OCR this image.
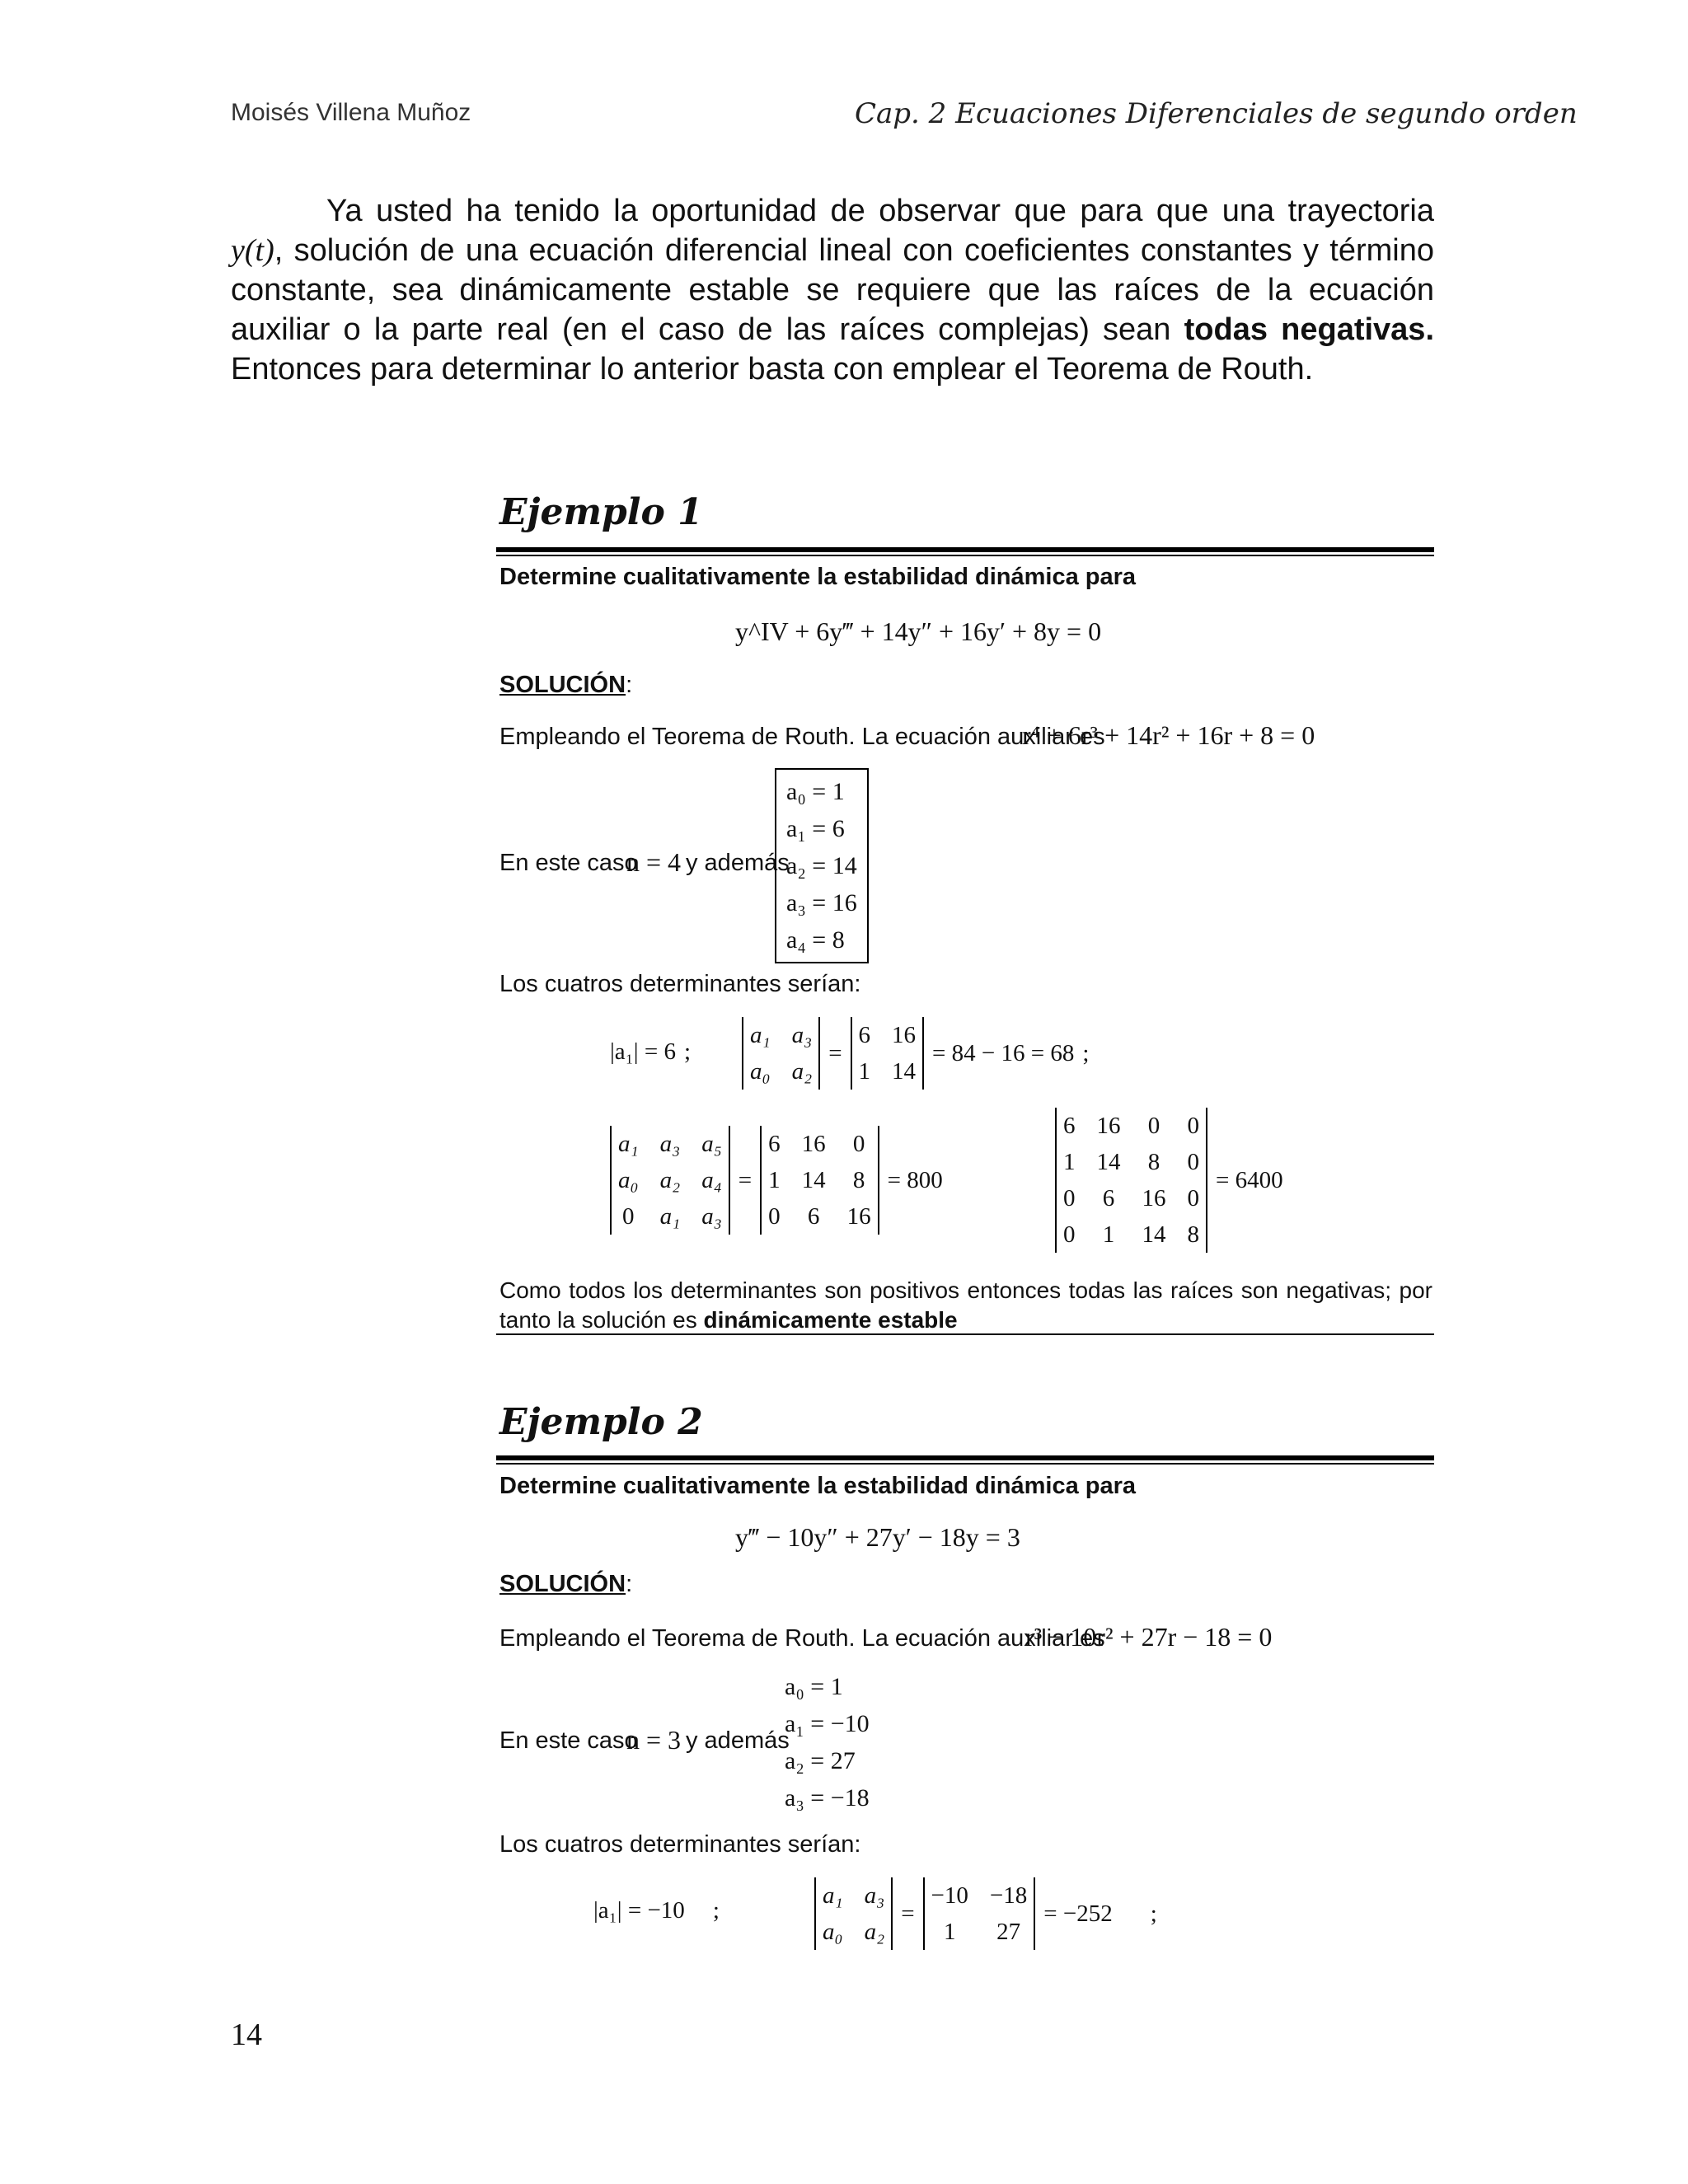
Moisés Villena Muñoz	Cap. 2 Ecuaciones Diferenciales de segundo orden

Ya usted ha tenido la oportunidad de observar que para que una trayectoria y(t), solución de una ecuación diferencial lineal con coeficientes constantes y término constante, sea dinámicamente estable se requiere que las raíces de la ecuación auxiliar o la parte real (en el caso de las raíces complejas) sean todas negativas. Entonces para determinar lo anterior basta con emplear el Teorema de Routh.

Ejemplo 1
Determine cualitativamente la estabilidad dinámica para
y^IV + 6y‴ + 14y″ + 16y′ + 8y = 0
SOLUCIÓN:
Empleando el Teorema de Routh. La ecuación auxiliar es
r⁴ + 6r³ + 14r² + 16r + 8 = 0
En este caso
n = 4 y además
a₀ = 1
a₁ = 6
a₂ = 14
a₃ = 16
a₄ = 8
Los cuatros determinantes serían:
|a₁| = 6 ;
a₁ a₃
a₀ a₂
=
6 16
1 14
= 84 − 16 = 68 ;
a₁ a₃ a₅
a₀ a₂ a₄
0 a₁ a₃
=
6 16 0
1 14 8
0 6 16
= 800
6 16 0 0
1 14 8 0
0 6 16 0
0 1 14 8
= 6400
Como todos los determinantes son positivos entonces todas las raíces son negativas; por tanto la solución es dinámicamente estable
Ejemplo 2
Determine cualitativamente la estabilidad dinámica para
y‴ − 10y″ + 27y′ − 18y = 3
SOLUCIÓN:
Empleando el Teorema de Routh. La ecuación auxiliar es
r³ − 10r² + 27r − 18 = 0
En este caso
n = 3 y además
a₀ = 1
a₁ = −10
a₂ = 27
a₃ = −18
Los cuatros determinantes serían:
|a₁| = −10 ;
a₁ a₃
a₀ a₂
=
−10 −18
1	27
= −252 ;
14
